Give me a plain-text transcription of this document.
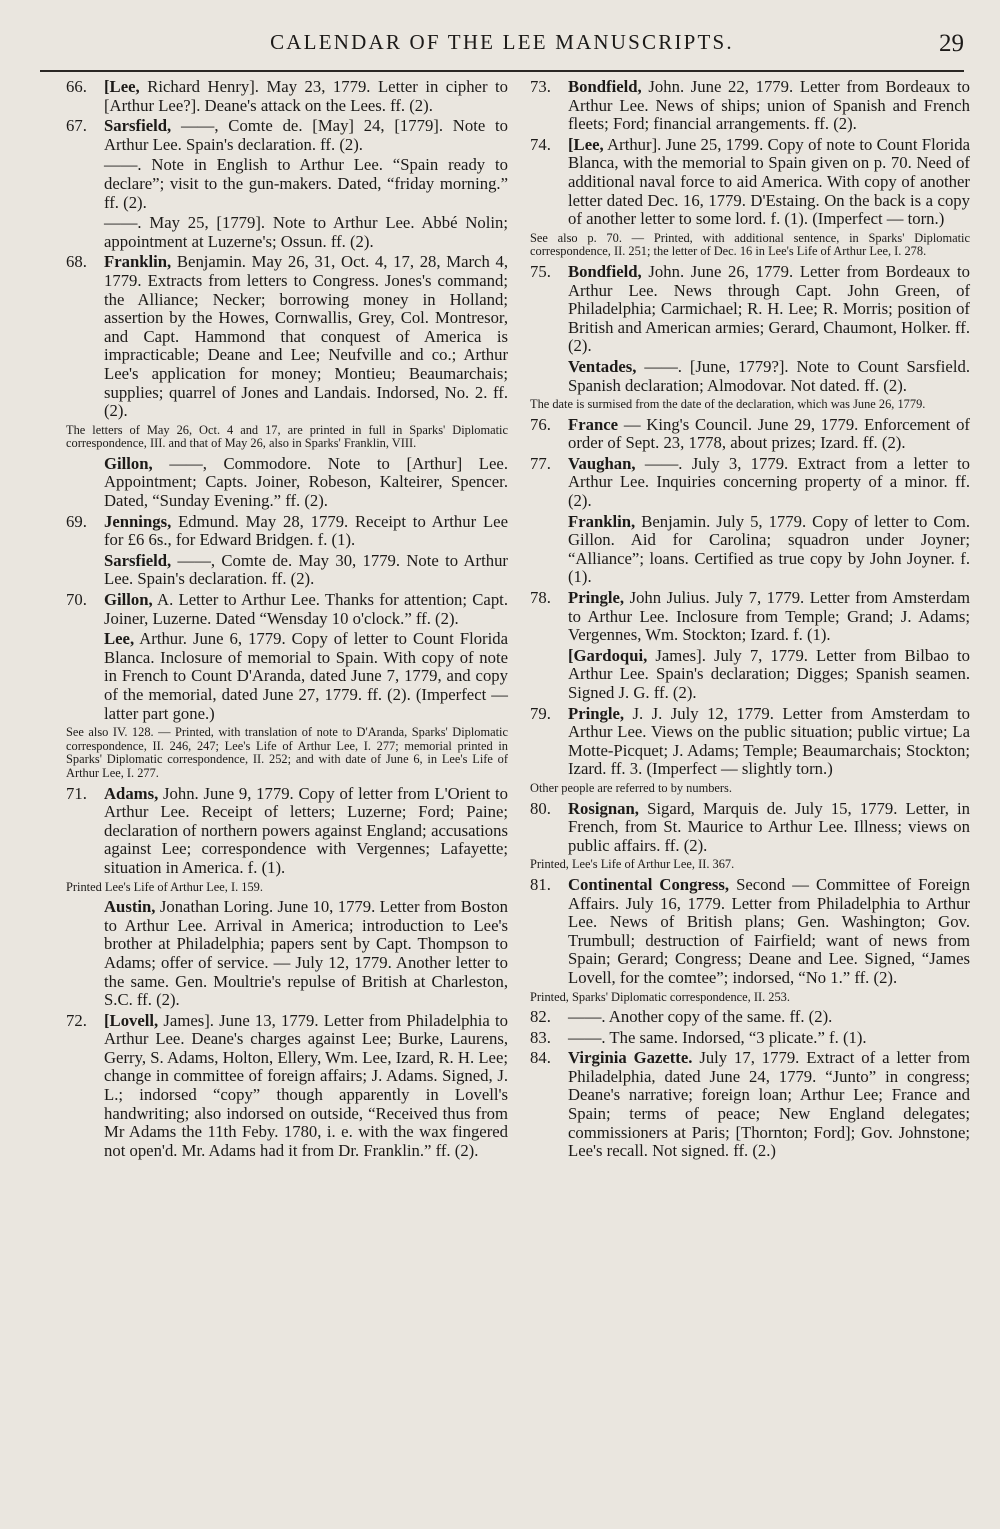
CALENDAR OF THE LEE MANUSCRIPTS.	29
66. [Lee, Richard Henry]. May 23, 1779. Letter in cipher to [Arthur Lee?]. Deane's attack on the Lees. ff. (2).
67. Sarsfield, ——, Comte de. [May] 24, [1779]. Note to Arthur Lee. Spain's declaration. ff. (2).
——. Note in English to Arthur Lee. “Spain ready to declare”; visit to the gun-makers. Dated, “friday morning.” ff. (2).
——. May 25, [1779]. Note to Arthur Lee. Abbé Nolin; appointment at Luzerne's; Ossun. ff. (2).
68. Franklin, Benjamin. May 26, 31, Oct. 4, 17, 28, March 4, 1779. Extracts from letters to Congress. Jones's command; the Alliance; Necker; borrowing money in Holland; assertion by the Howes, Cornwallis, Grey, Col. Montresor, and Capt. Hammond that conquest of America is impracticable; Deane and Lee; Neufville and co.; Arthur Lee's application for money; Montieu; Beaumarchais; supplies; quarrel of Jones and Landais. Indorsed, No. 2. ff. (2).
The letters of May 26, Oct. 4 and 17, are printed in full in Sparks' Diplomatic correspondence, III. and that of May 26, also in Sparks' Franklin, VIII.
Gillon, ——, Commodore. Note to [Arthur] Lee. Appointment; Capts. Joiner, Robeson, Kalteirer, Spencer. Dated, “Sunday Evening.” ff. (2).
69. Jennings, Edmund. May 28, 1779. Receipt to Arthur Lee for £6 6s., for Edward Bridgen. f. (1).
Sarsfield, ——, Comte de. May 30, 1779. Note to Arthur Lee. Spain's declaration. ff. (2).
70. Gillon, A. Letter to Arthur Lee. Thanks for attention; Capt. Joiner, Luzerne. Dated “Wensday 10 o'clock.” ff. (2).
Lee, Arthur. June 6, 1779. Copy of letter to Count Florida Blanca. Inclosure of memorial to Spain. With copy of note in French to Count D'Aranda, dated June 7, 1779, and copy of the memorial, dated June 27, 1779. ff. (2). (Imperfect — latter part gone.)
See also IV. 128. — Printed, with translation of note to D'Aranda, Sparks' Diplomatic correspondence, II. 246, 247; Lee's Life of Arthur Lee, I. 277; memorial printed in Sparks' Diplomatic correspondence, II. 252; and with date of June 6, in Lee's Life of Arthur Lee, I. 277.
71. Adams, John. June 9, 1779. Copy of letter from L'Orient to Arthur Lee. Receipt of letters; Luzerne; Ford; Paine; declaration of northern powers against England; accusations against Lee; correspondence with Vergennes; Lafayette; situation in America. f. (1).
Printed Lee's Life of Arthur Lee, I. 159.
Austin, Jonathan Loring. June 10, 1779. Letter from Boston to Arthur Lee. Arrival in America; introduction to Lee's brother at Philadelphia; papers sent by Capt. Thompson to Adams; offer of service. — July 12, 1779. Another letter to the same. Gen. Moultrie's repulse of British at Charleston, S.C. ff. (2).
72. [Lovell, James]. June 13, 1779. Letter from Philadelphia to Arthur Lee. Deane's charges against Lee; Burke, Laurens, Gerry, S. Adams, Holton, Ellery, Wm. Lee, Izard, R. H. Lee; change in committee of foreign affairs; J. Adams. Signed, J. L.; indorsed “copy” though apparently in Lovell's handwriting; also indorsed on outside, “Received thus from Mr Adams the 11th Feby. 1780, i. e. with the wax fingered not open'd. Mr. Adams had it from Dr. Franklin.” ff. (2).
73. Bondfield, John. June 22, 1779. Letter from Bordeaux to Arthur Lee. News of ships; union of Spanish and French fleets; Ford; financial arrangements. ff. (2).
74. [Lee, Arthur]. June 25, 1799. Copy of note to Count Florida Blanca, with the memorial to Spain given on p. 70. Need of additional naval force to aid America. With copy of another letter dated Dec. 16, 1779. D'Estaing. On the back is a copy of another letter to some lord. f. (1). (Imperfect — torn.)
See also p. 70. — Printed, with additional sentence, in Sparks' Diplomatic correspondence, II. 251; the letter of Dec. 16 in Lee's Life of Arthur Lee, I. 278.
75. Bondfield, John. June 26, 1779. Letter from Bordeaux to Arthur Lee. News through Capt. John Green, of Philadelphia; Carmichael; R. H. Lee; R. Morris; position of British and American armies; Gerard, Chaumont, Holker. ff. (2).
Ventades, ——. [June, 1779?]. Note to Count Sarsfield. Spanish declaration; Almodovar. Not dated. ff. (2).
The date is surmised from the date of the declaration, which was June 26, 1779.
76. France — King's Council. June 29, 1779. Enforcement of order of Sept. 23, 1778, about prizes; Izard. ff. (2).
77. Vaughan, ——. July 3, 1779. Extract from a letter to Arthur Lee. Inquiries concerning property of a minor. ff. (2).
Franklin, Benjamin. July 5, 1779. Copy of letter to Com. Gillon. Aid for Carolina; squadron under Joyner; “Alliance”; loans. Certified as true copy by John Joyner. f. (1).
78. Pringle, John Julius. July 7, 1779. Letter from Amsterdam to Arthur Lee. Inclosure from Temple; Grand; J. Adams; Vergennes, Wm. Stockton; Izard. f. (1).
[Gardoqui, James]. July 7, 1779. Letter from Bilbao to Arthur Lee. Spain's declaration; Digges; Spanish seamen. Signed J. G. ff. (2).
79. Pringle, J. J. July 12, 1779. Letter from Amsterdam to Arthur Lee. Views on the public situation; public virtue; La Motte-Picquet; J. Adams; Temple; Beaumarchais; Stockton; Izard. ff. 3. (Imperfect — slightly torn.)
Other people are referred to by numbers.
80. Rosignan, Sigard, Marquis de. July 15, 1779. Letter, in French, from St. Maurice to Arthur Lee. Illness; views on public affairs. ff. (2).
Printed, Lee's Life of Arthur Lee, II. 367.
81. Continental Congress, Second — Committee of Foreign Affairs. July 16, 1779. Letter from Philadelphia to Arthur Lee. News of British plans; Gen. Washington; Gov. Trumbull; destruction of Fairfield; want of news from Spain; Gerard; Congress; Deane and Lee. Signed, “James Lovell, for the comtee”; indorsed, “No 1.” ff. (2).
Printed, Sparks' Diplomatic correspondence, II. 253.
82. ——. Another copy of the same. ff. (2).
83. ——. The same. Indorsed, “3 plicate.” f. (1).
84. Virginia Gazette. July 17, 1779. Extract of a letter from Philadelphia, dated June 24, 1779. “Junto” in congress; Deane's narrative; foreign loan; Arthur Lee; France and Spain; terms of peace; New England delegates; commissioners at Paris; [Thornton; Ford]; Gov. Johnstone; Lee's recall. Not signed. ff. (2.)
